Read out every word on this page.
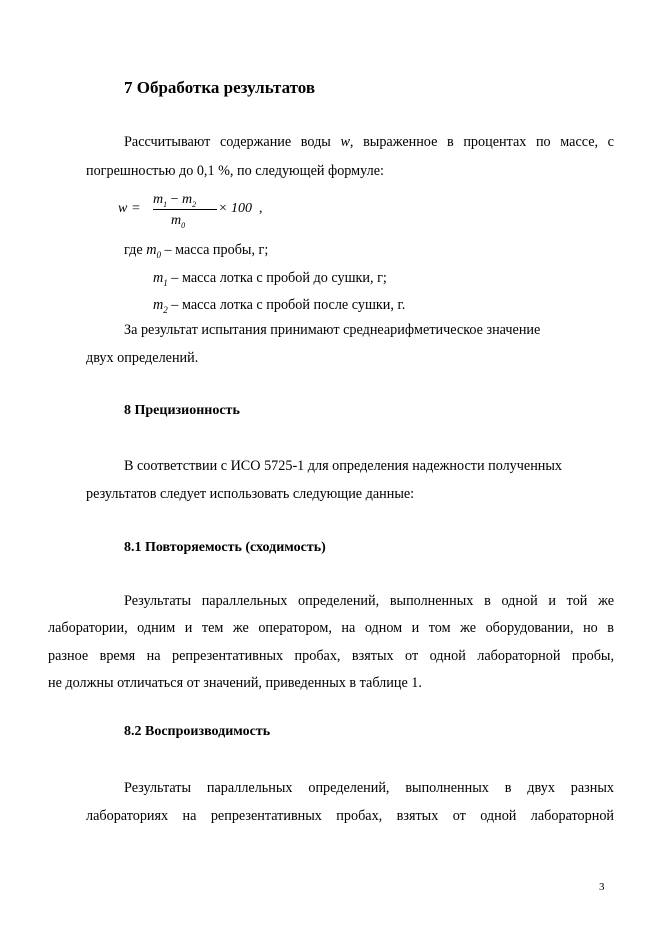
7 Обработка результатов
Рассчитывают содержание воды w, выраженное в процентах по массе, с
погрешностью до 0,1 %, по следующей формуле:
w =
$m_1 - m_2$
$m_0$
× 100 ,
где $m_0$ – масса пробы, г;
$m_1$ – масса лотка с пробой до сушки, г;
$m_2$ – масса лотка с пробой после сушки, г.
За результат испытания принимают среднеарифметическое значение
двух определений.
8 Прецизионность
В соответствии с ИСО 5725-1 для определения надежности полученных
результатов следует использовать следующие данные:
8.1 Повторяемость (сходимость)
Результаты параллельных определений, выполненных в одной и той же
лаборатории, одним и тем же оператором, на одном и том же оборудовании, но в
разное время на репрезентативных пробах, взятых от одной лабораторной пробы,
не должны отличаться от значений, приведенных в таблице 1.
8.2 Воспроизводимость
Результаты параллельных определений, выполненных в двух разных
лабораториях на репрезентативных пробах, взятых от одной лабораторной
3
